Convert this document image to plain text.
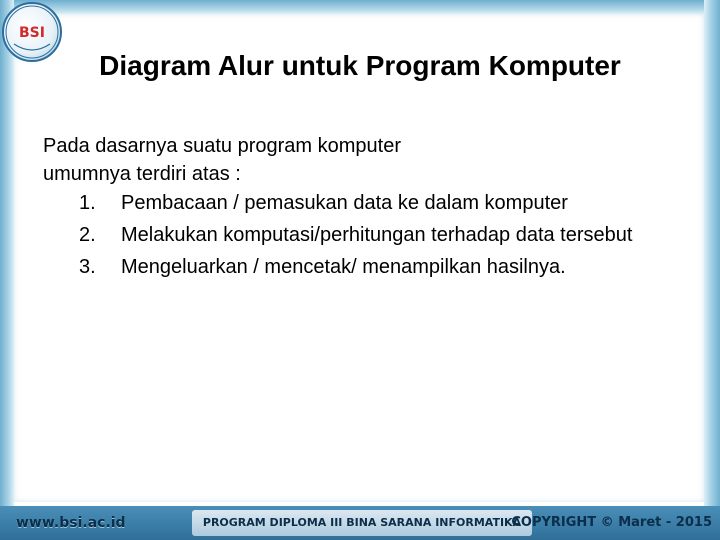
BSI
Diagram Alur untuk Program Komputer

Pada dasarnya suatu program komputer

umumnya terdiri atas :

1. Pembacaan / pemasukan data ke dalam komputer
2. Melakukan komputasi/perhitungan terhadap data tersebut
3. Mengeluarkan / mencetak/ menampilkan hasilnya.
www.bsi.ac.id	PROGRAM DIPLOMA III BINA SARANA INFORMATIKA
COPYRIGHT © Maret - 2015
